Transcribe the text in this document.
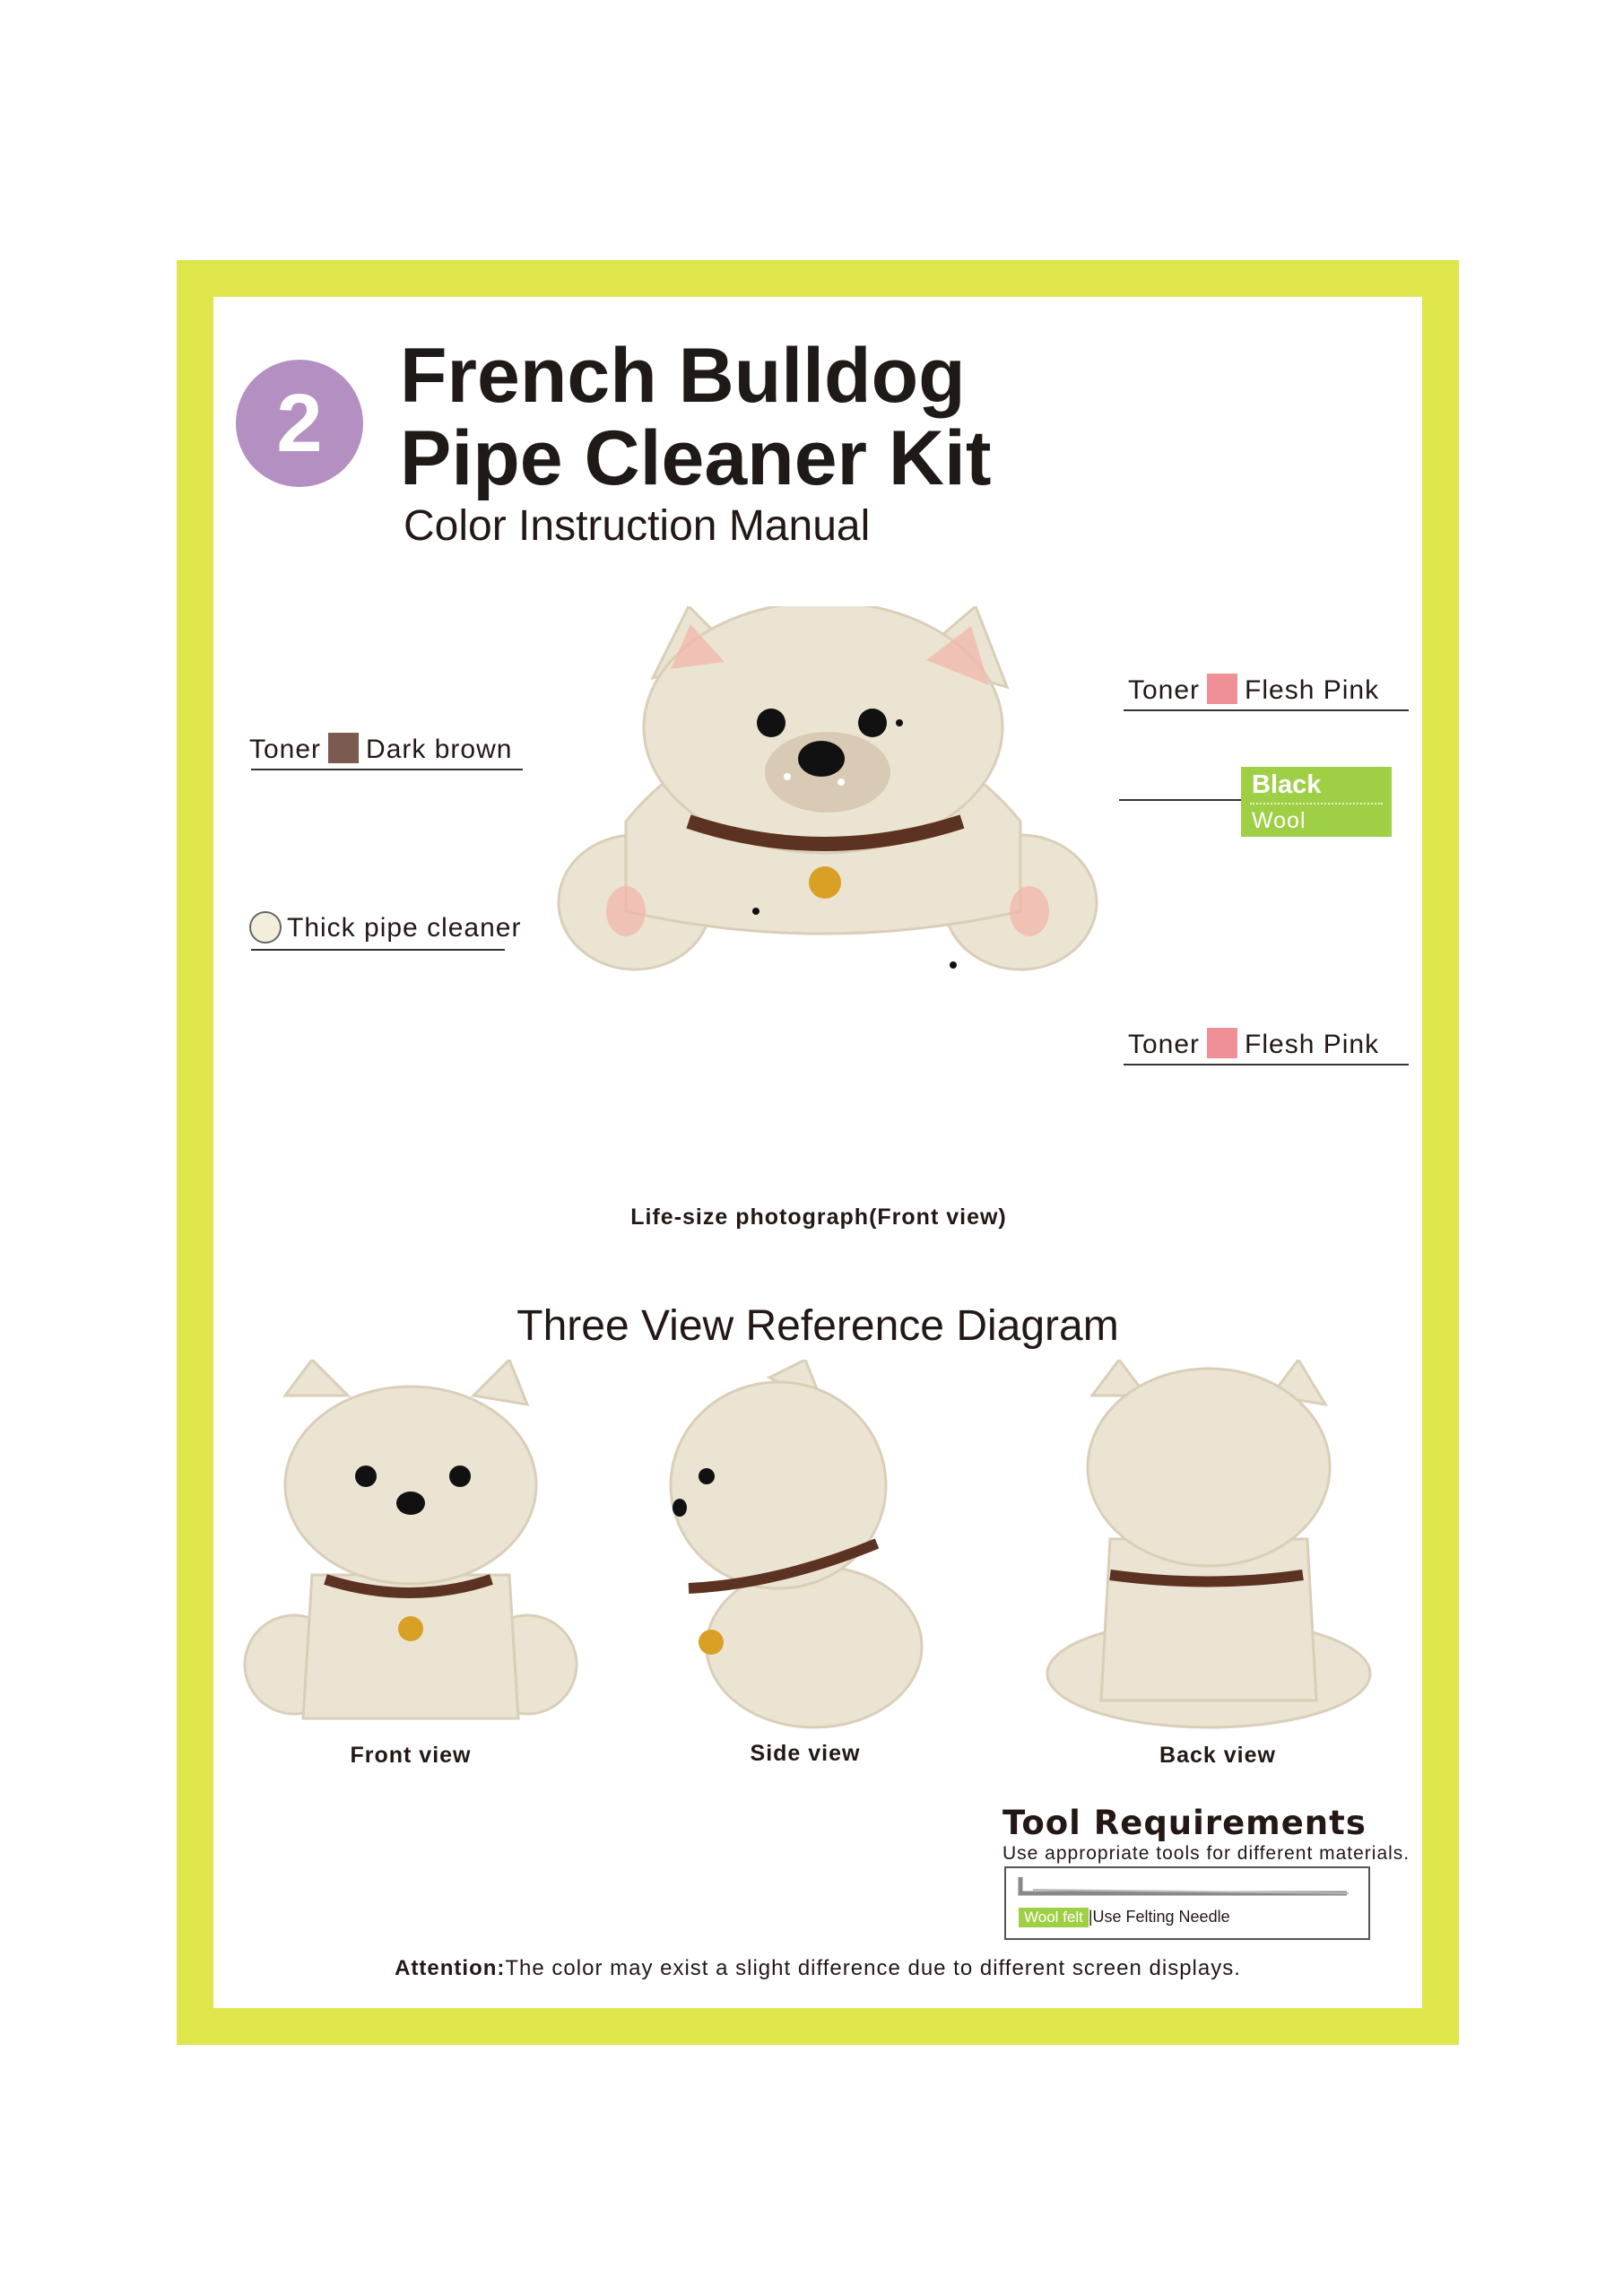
2
French Bulldog
Pipe Cleaner Kit
Color Instruction Manual
Toner Flesh Pink
Toner Dark brown
Black
Wool
Thick pipe cleaner
Toner Flesh Pink
Life-size photograph(Front view)
Three View Reference Diagram
Front view	Side view	Back view
Tool Requirements
Use appropriate tools for different materials.
Wool felt |Use Felting Needle
Attention:The color may exist a slight difference due to different screen displays.
